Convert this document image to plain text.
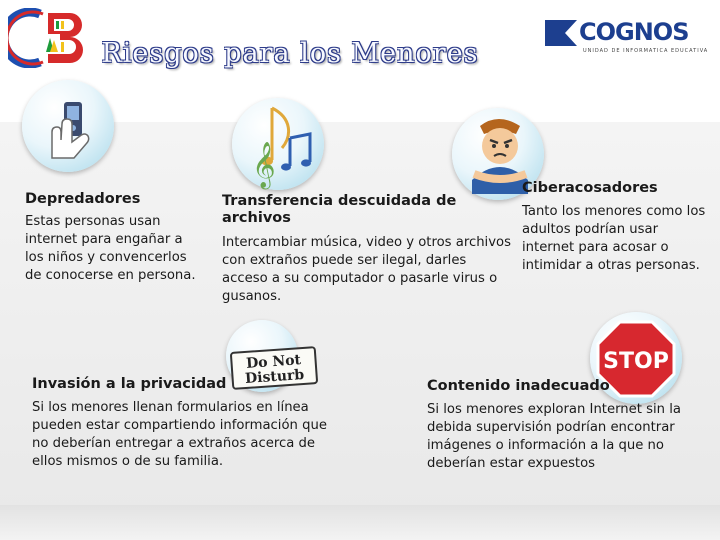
Riesgos para los Menores
COGNOS
UNIDAD DE INFORMATICA EDUCATIVA
Depredadores
Estas personas usan internet para engañar a los niños y convencerlos de conocerse en persona.
𝄞
Transferencia descuidada de archivos
Intercambiar música, video y otros archivos con extraños puede ser ilegal, darles acceso a su computador o pasarle virus o gusanos.
Ciberacosadores
Tanto los menores como los adultos podrían usar internet para acosar o intimidar a otras personas.
Do Not
Disturb
Invasión a la privacidad
Si los menores llenan formularios en línea pueden estar compartiendo información que no deberían entregar a extraños acerca de ellos mismos o de su familia.
STOP
Contenido inadecuado
Si los menores exploran Internet sin la debida supervisión podrían encontrar imágenes o información a la que no deberían estar expuestos
